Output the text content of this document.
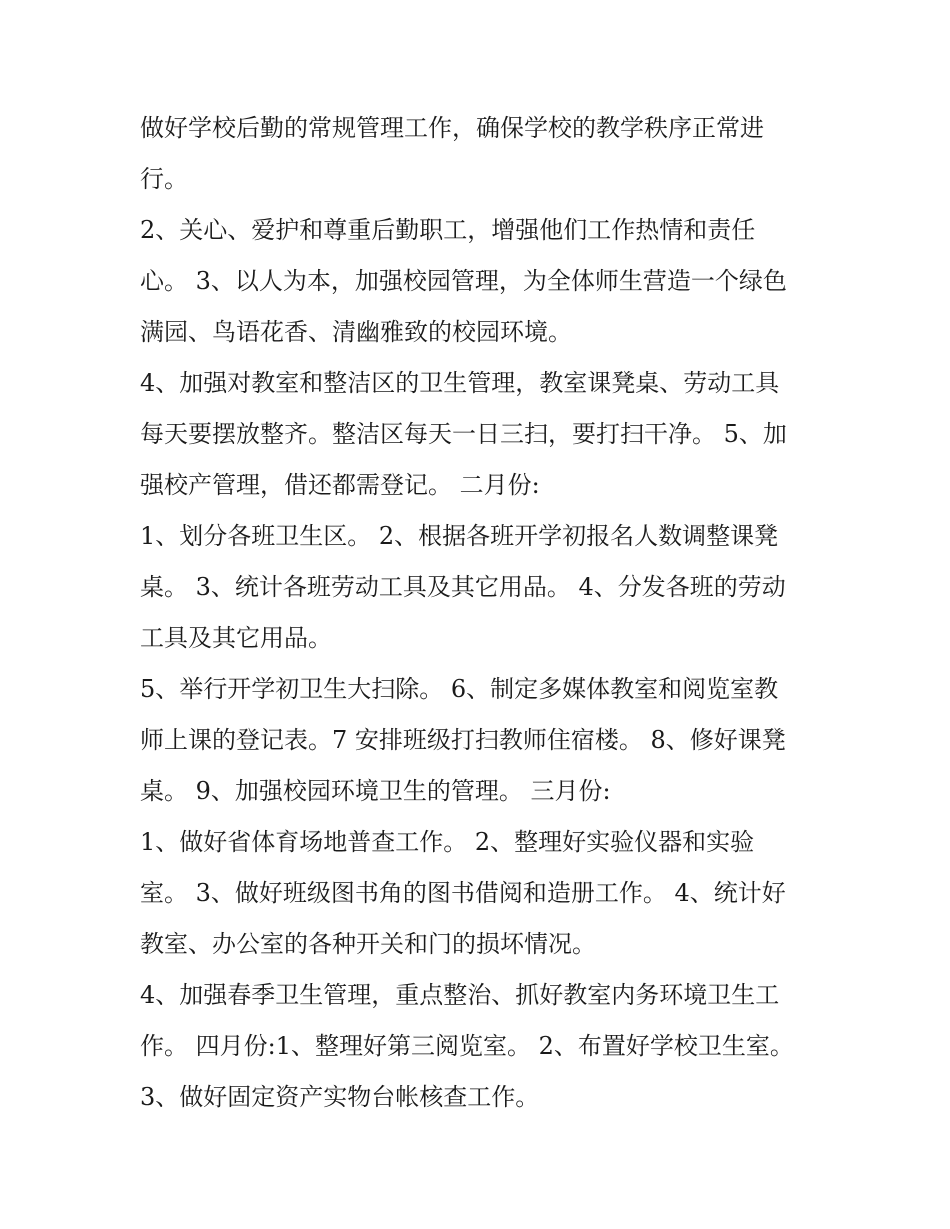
做好学校后勤的常规管理工作，确保学校的教学秩序正常进
行。
2、关心、爱护和尊重后勤职工，增强他们工作热情和责任
心。 3、以人为本，加强校园管理，为全体师生营造一个绿色
满园、鸟语花香、清幽雅致的校园环境。
4、加强对教室和整洁区的卫生管理，教室课凳桌、劳动工具
每天要摆放整齐。整洁区每天一日三扫，要打扫干净。 5、加
强校产管理，借还都需登记。 二月份:
1、划分各班卫生区。 2、根据各班开学初报名人数调整课凳
桌。 3、统计各班劳动工具及其它用品。 4、分发各班的劳动
工具及其它用品。
5、举行开学初卫生大扫除。 6、制定多媒体教室和阅览室教
师上课的登记表。7 安排班级打扫教师住宿楼。 8、修好课凳
桌。 9、加强校园环境卫生的管理。 三月份:
1、做好省体育场地普查工作。 2、整理好实验仪器和实验
室。 3、做好班级图书角的图书借阅和造册工作。 4、统计好
教室、办公室的各种开关和门的损坏情况。
4、加强春季卫生管理，重点整治、抓好教室内务环境卫生工
作。 四月份:1、整理好第三阅览室。 2、布置好学校卫生室。
3、做好固定资产实物台帐核查工作。
